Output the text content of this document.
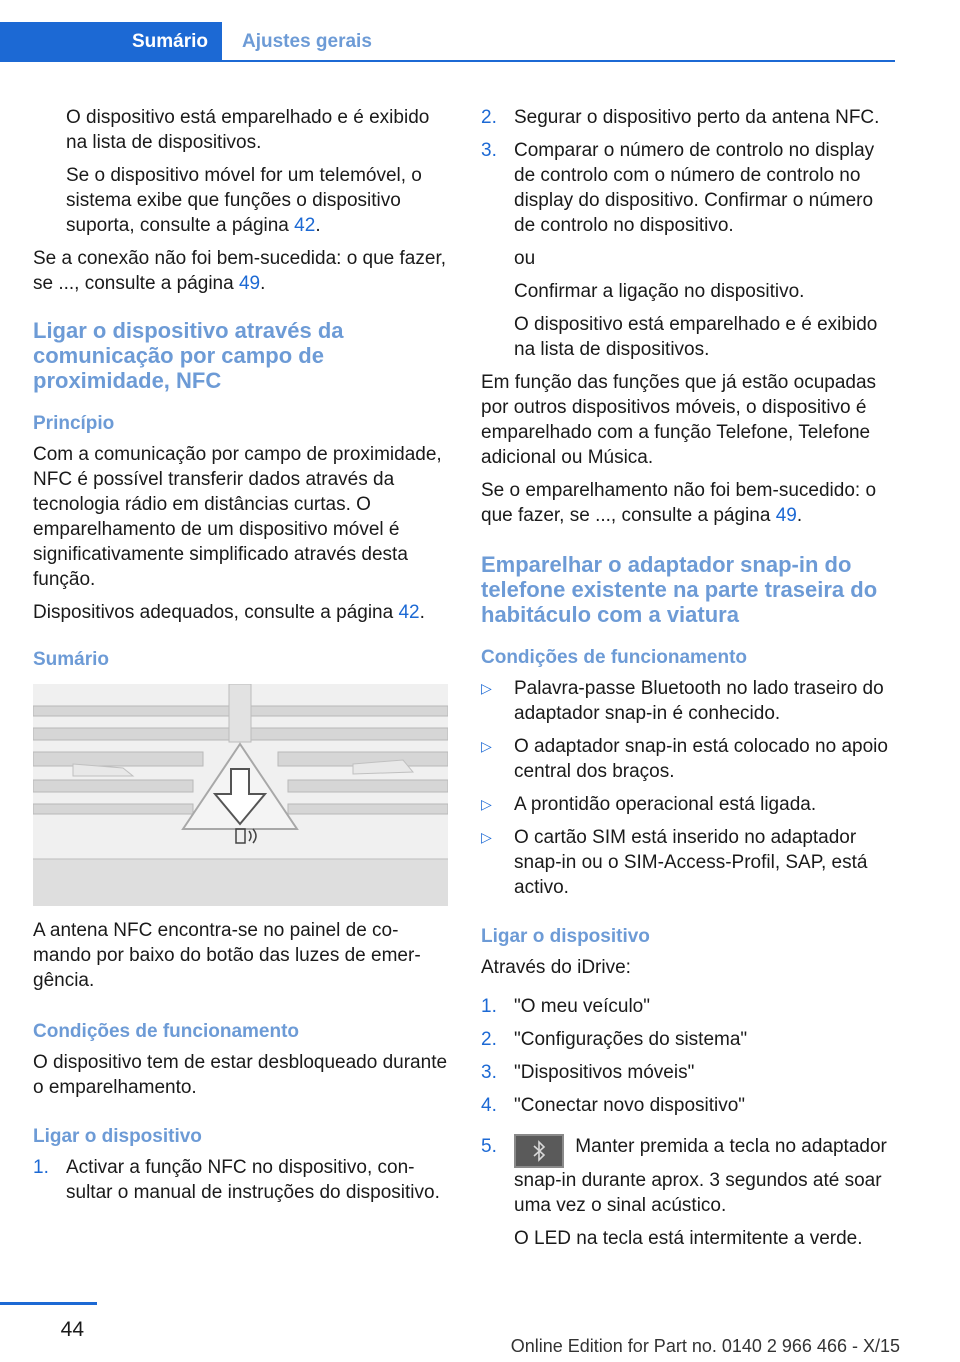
Sumário	Ajustes gerais

O dispositivo está emparelhado e é exibido na lista de dispositivos.

Se o dispositivo móvel for um telemóvel, o sistema exibe que funções o dispositivo suporta, consulte a página 42.

Se a conexão não foi bem-sucedida: o que fazer, se ..., consulte a página 49.

Ligar o dispositivo através da comunicação por campo de proximidade, NFC
Princípio

Com a comunicação por campo de proximidade, NFC é possível transferir dados através da tecnologia rádio em distâncias curtas. O emparelhamento de um dispositivo móvel é significativamente simplificado através desta função.

Dispositivos adequados, consulte a página 42.

Sumário

A antena NFC encontra-se no painel de comando por baixo do botão das luzes de emergência.

Condições de funcionamento

O dispositivo tem de estar desbloqueado durante o emparelhamento.

Ligar o dispositivo
1. Activar a função NFC no dispositivo, consultar o manual de instruções do dispositivo.
2. Segurar o dispositivo perto da antena NFC.
3. Comparar o número de controlo no display de controlo com o número de controlo no display do dispositivo. Confirmar o número de controlo no dispositivo.
ou
Confirmar a ligação no dispositivo.
O dispositivo está emparelhado e é exibido na lista de dispositivos.

Em função das funções que já estão ocupadas por outros dispositivos móveis, o dispositivo é emparelhado com a função Telefone, Telefone adicional ou Música.

Se o emparelhamento não foi bem-sucedido: o que fazer, se ..., consulte a página 49.

Emparelhar o adaptador snap-in do telefone existente na parte traseira do habitáculo com a viatura
Condições de funcionamento
▷ Palavra-passe Bluetooth no lado traseiro do adaptador snap-in é conhecido.
▷ O adaptador snap-in está colocado no apoio central dos braços.
▷ A prontidão operacional está ligada.
▷ O cartão SIM está inserido no adaptador snap-in ou o SIM-Access-Profil, SAP, está activo.
Ligar o dispositivo

Através do iDrive:

1. "O meu veículo"
2. "Configurações do sistema"
3. "Dispositivos móveis"
4. "Conectar novo dispositivo"
5.	Manter premida a tecla no adaptador snap-in durante aprox. 3 segundos até soar uma vez o sinal acústico.
O LED na tecla está intermitente a verde.
44
Online Edition for Part no. 0140 2 966 466 - X/15
